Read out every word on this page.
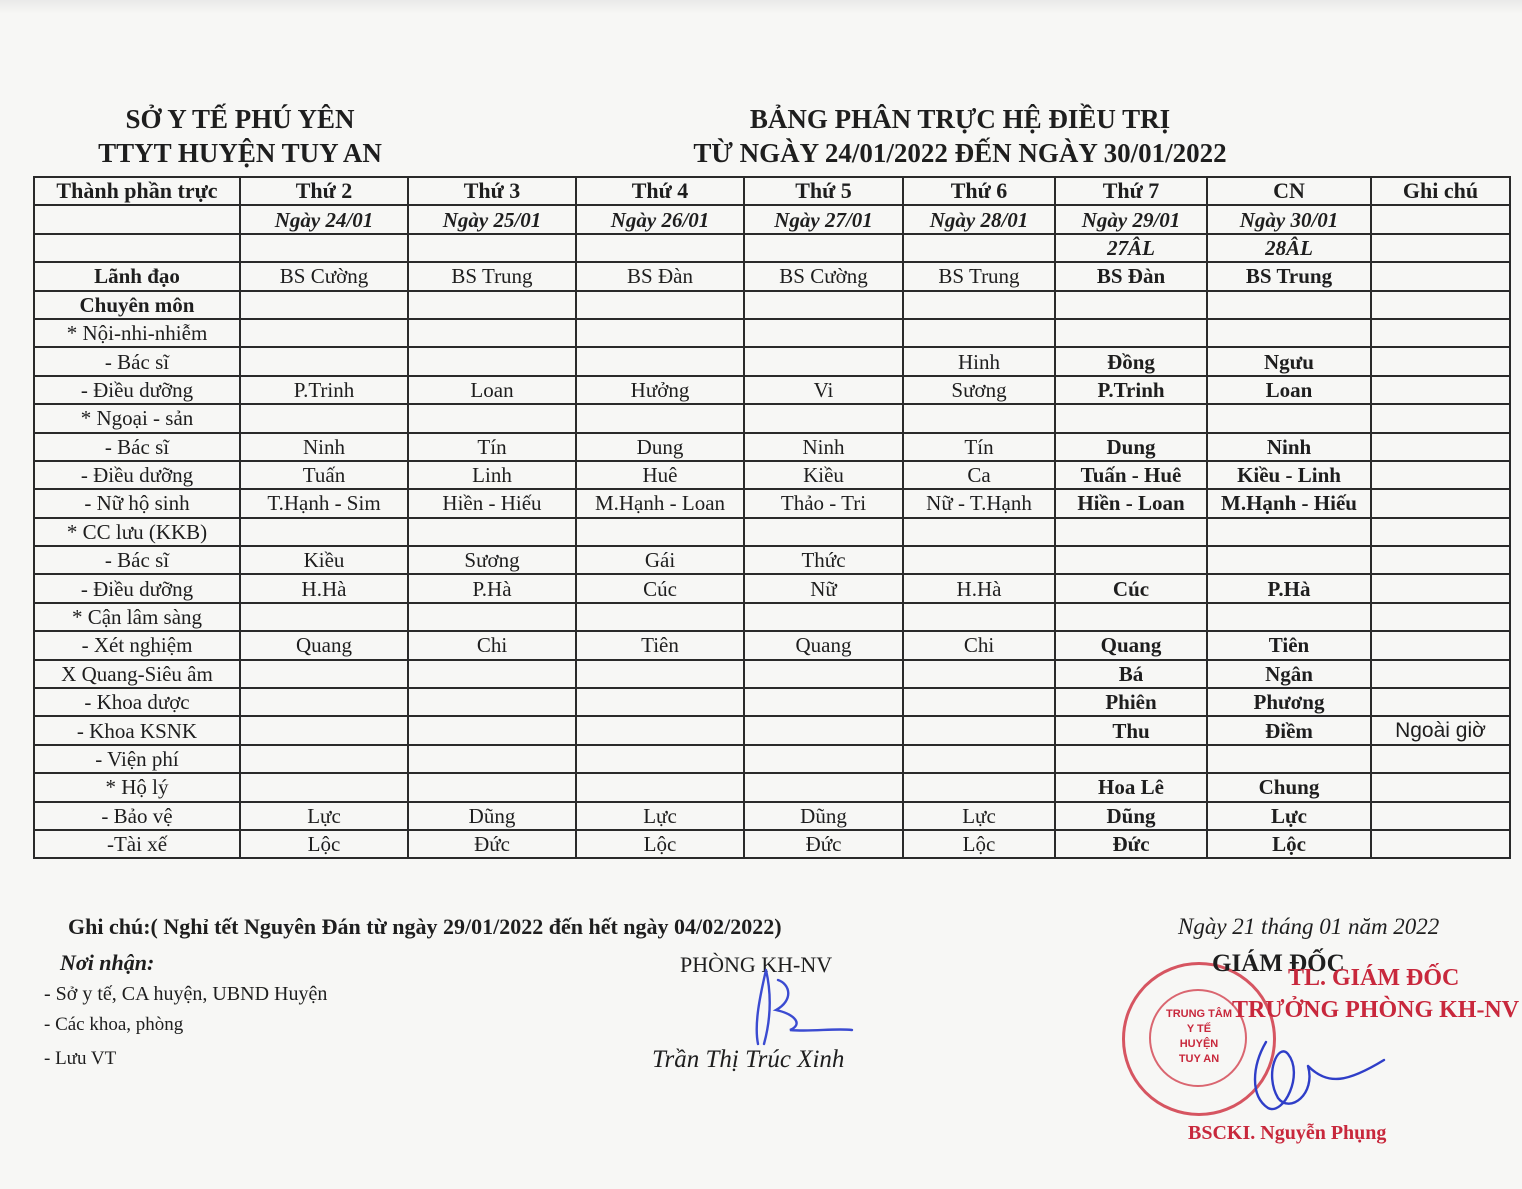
SỞ Y TẾ PHÚ YÊN
TTYT HUYỆN TUY AN
BẢNG PHÂN TRỰC HỆ ĐIỀU TRỊ
TỪ NGÀY 24/01/2022 ĐẾN NGÀY 30/01/2022
Thành phần trực	Thứ 2	Thứ 3	Thứ 4	Thứ 5	Thứ 6	Thứ 7	CN	Ghi chú
	Ngày 24/01	Ngày 25/01	Ngày 26/01	Ngày 27/01	Ngày 28/01	Ngày 29/01	Ngày 30/01	
						27ÂL	28ÂL	
Lãnh đạo	BS Cường	BS Trung	BS Đàn	BS Cường	BS Trung	BS Đàn	BS Trung	
Chuyên môn								
* Nội-nhi-nhiễm								
- Bác sĩ					Hinh	Đồng	Ngưu	
- Điều dưỡng	P.Trinh	Loan	Hưởng	Vi	Sương	P.Trinh	Loan	
* Ngoại - sản								
- Bác sĩ	Ninh	Tín	Dung	Ninh	Tín	Dung	Ninh	
- Điều dưỡng	Tuấn	Linh	Huê	Kiều	Ca	Tuấn - Huê	Kiều - Linh	
- Nữ hộ sinh	T.Hạnh - Sim	Hiền - Hiếu	M.Hạnh - Loan	Thảo - Tri	Nữ - T.Hạnh	Hiền - Loan	M.Hạnh - Hiếu	
* CC lưu (KKB)								
- Bác sĩ	Kiều	Sương	Gái	Thức				
- Điều dưỡng	H.Hà	P.Hà	Cúc	Nữ	H.Hà	Cúc	P.Hà	
* Cận lâm sàng								
- Xét nghiệm	Quang	Chi	Tiên	Quang	Chi	Quang	Tiên	
X Quang-Siêu âm						Bá	Ngân	
- Khoa dược						Phiên	Phương	
- Khoa KSNK						Thu	Điềm	Ngoài giờ
- Viện phí								
* Hộ lý						Hoa Lê	Chung	
- Bảo vệ	Lực	Dũng	Lực	Dũng	Lực	Dũng	Lực	
-Tài xế	Lộc	Đức	Lộc	Đức	Lộc	Đức	Lộc	
Ghi chú:( Nghỉ tết Nguyên Đán từ ngày 29/01/2022 đến hết ngày 04/02/2022)	Ngày 21 tháng 01 năm 2022
Nơi nhận:
- Sở y tế, CA huyện, UBND Huyện
- Các khoa, phòng
- Lưu VT
PHÒNG KH-NV
Trần Thị Trúc Xinh
TRUNG TÂM
Y TẾ
HUYỆN
TUY AN
GIÁM ĐỐC
TL. GIÁM ĐỐC
TRƯỞNG PHÒNG KH-NV
BSCKI. Nguyễn Phụng
